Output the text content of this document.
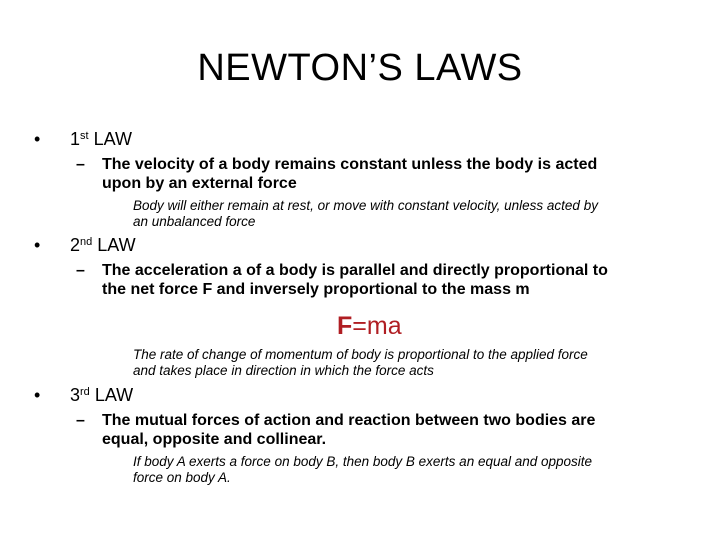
NEWTON’S LAWS
• 1st LAW
–	The velocity of a body remains constant unless the body is acted
upon by an external force
Body will either remain at rest, or move with constant velocity, unless acted by
an unbalanced force
• 2nd LAW
–	The acceleration a of a body is parallel and directly proportional to
the net force F and inversely proportional to the mass m
F=ma
The rate of change of momentum of body is proportional to the applied force
and takes place in direction in which the force acts
• 3rd LAW
–	The mutual forces of action and reaction between two bodies are
equal, opposite and collinear.
If body A exerts a force on body B, then body B exerts an equal and opposite
force on body A.
